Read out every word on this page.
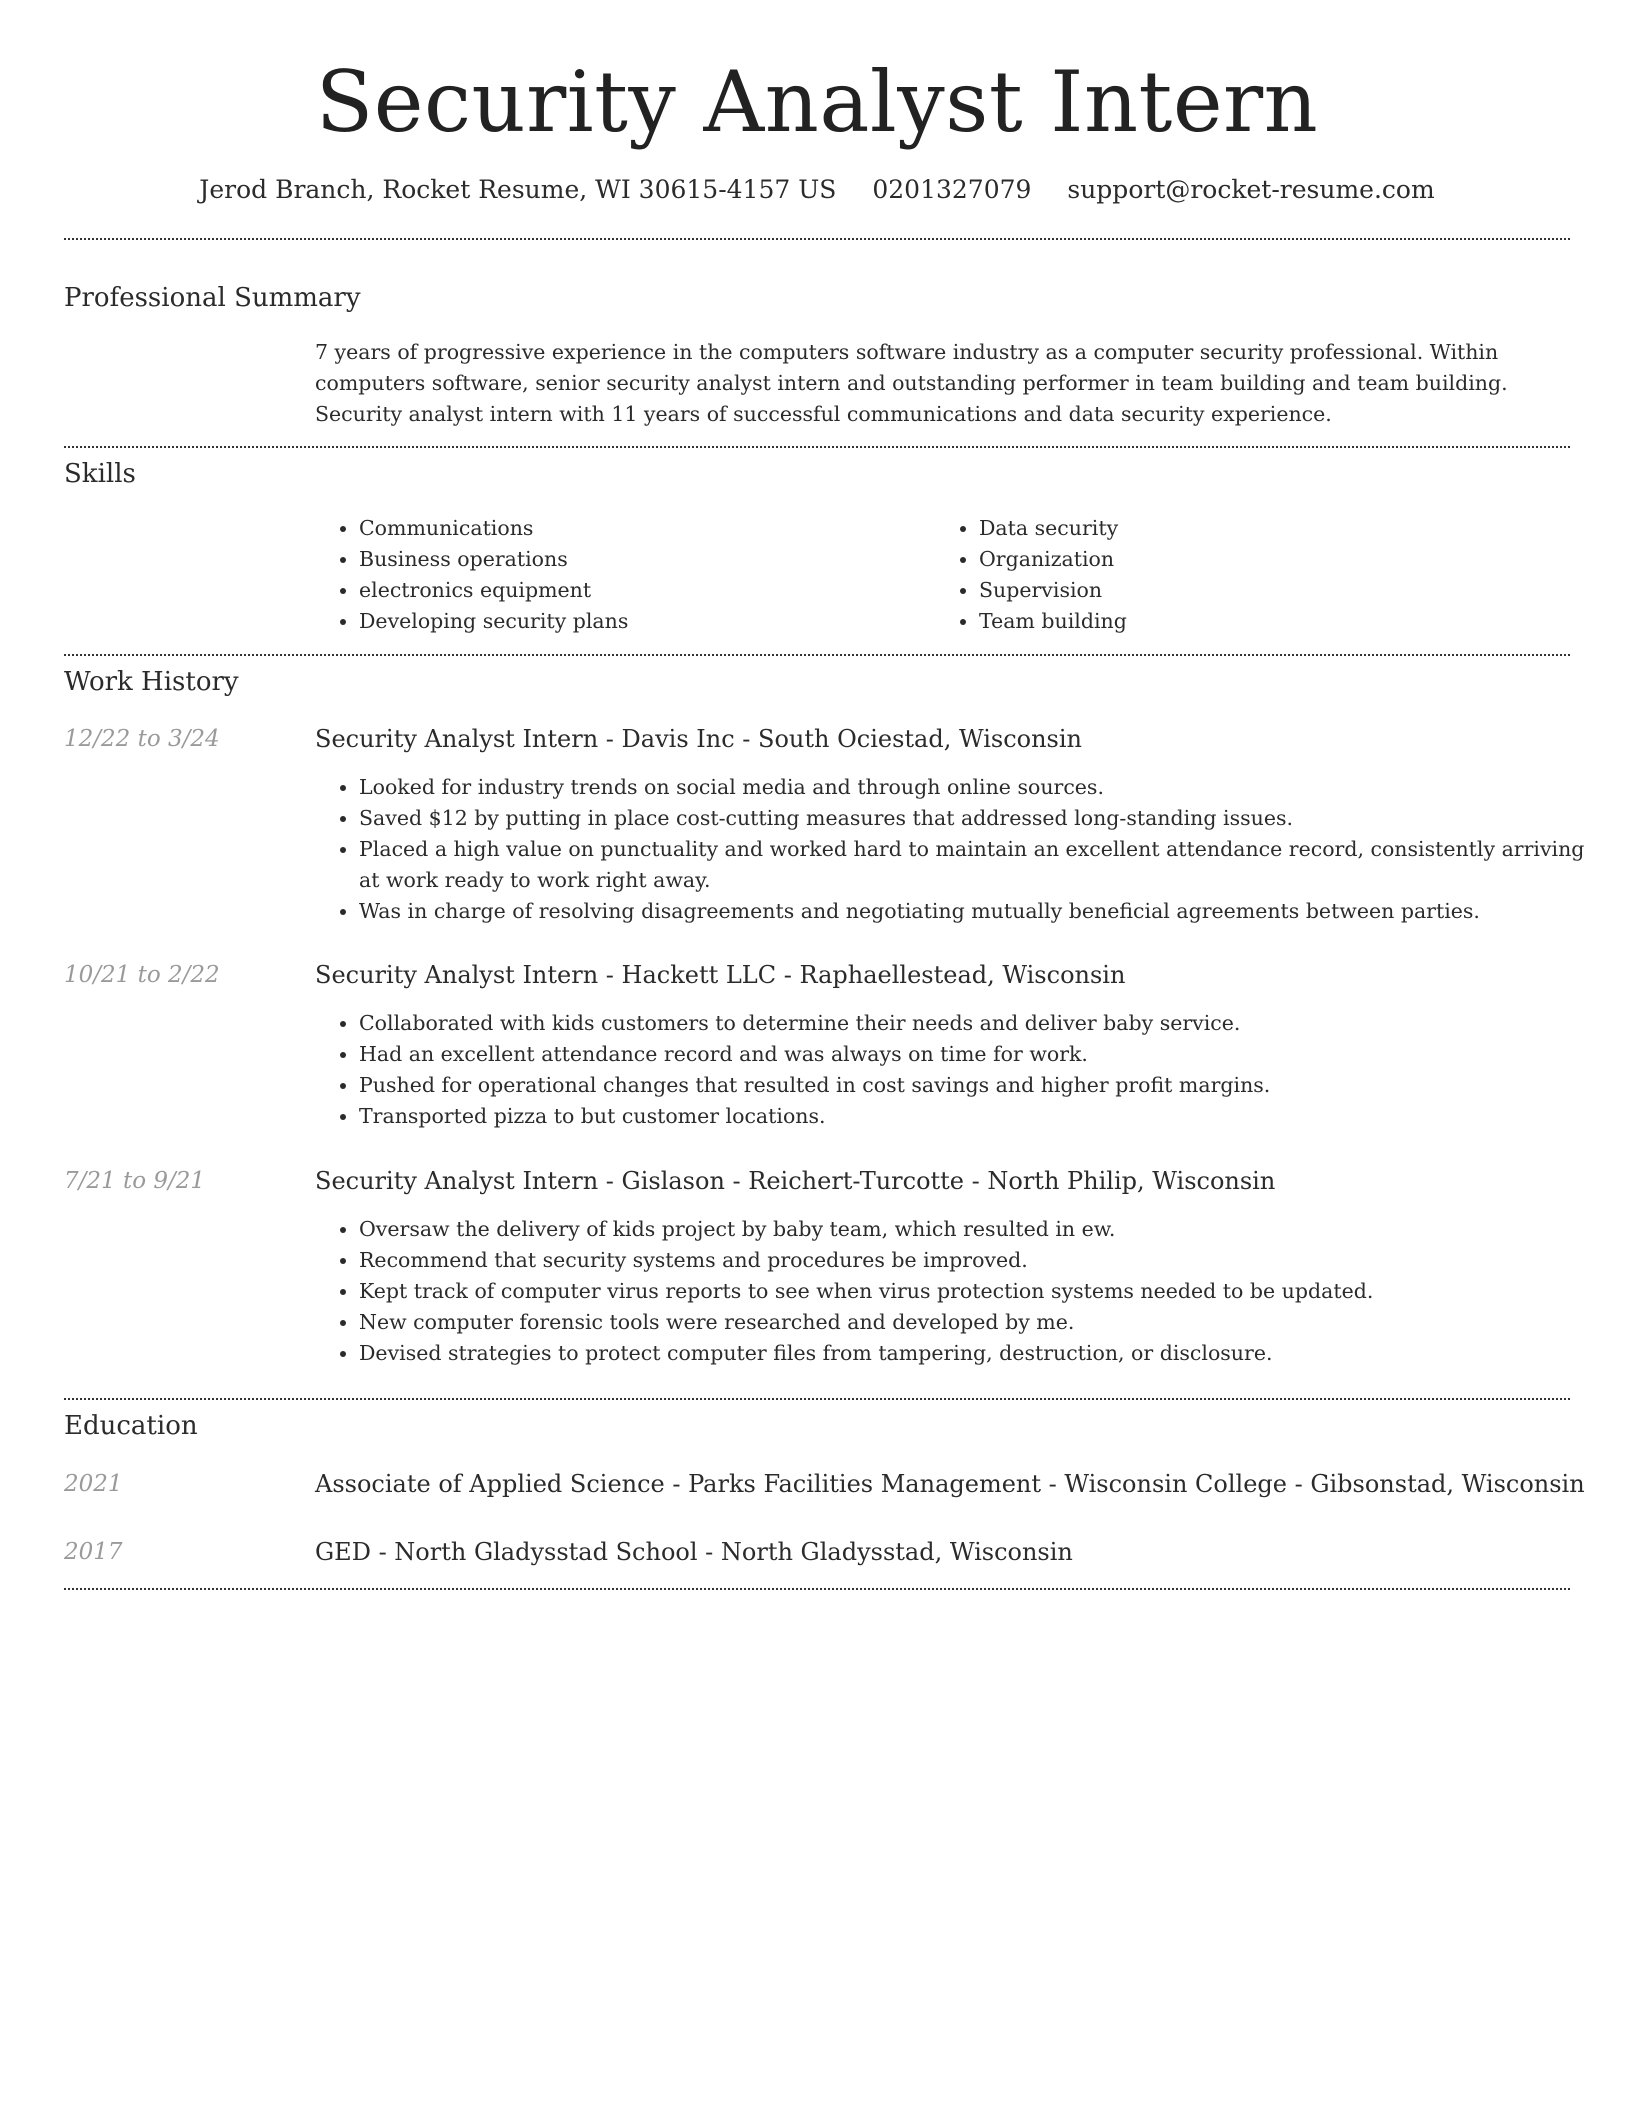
Security Analyst Intern
Jerod Branch, Rocket Resume, WI 30615-4157 US 0201327079 support@rocket-resume.com
Professional Summary
7 years of progressive experience in the computers software industry as a computer security professional. Within computers software, senior security analyst intern and outstanding performer in team building and team building. Security analyst intern with 11 years of successful communications and data security experience.
Skills
• Communications
• Business operations
• electronics equipment
• Developing security plans
• Data security
• Organization
• Supervision
• Team building
Work History
12/22 to 3/24	Security Analyst Intern - Davis Inc - South Ociestad, Wisconsin
• Looked for industry trends on social media and through online sources.
• Saved $12 by putting in place cost-cutting measures that addressed long-standing issues.
• Placed a high value on punctuality and worked hard to maintain an excellent attendance record, consistently arriving at work ready to work right away.
• Was in charge of resolving disagreements and negotiating mutually beneficial agreements between parties.
10/21 to 2/22	Security Analyst Intern - Hackett LLC - Raphaellestead, Wisconsin
• Collaborated with kids customers to determine their needs and deliver baby service.
• Had an excellent attendance record and was always on time for work.
• Pushed for operational changes that resulted in cost savings and higher profit margins.
• Transported pizza to but customer locations.
7/21 to 9/21	Security Analyst Intern - Gislason - Reichert-Turcotte - North Philip, Wisconsin
• Oversaw the delivery of kids project by baby team, which resulted in ew.
• Recommend that security systems and procedures be improved.
• Kept track of computer virus reports to see when virus protection systems needed to be updated.
• New computer forensic tools were researched and developed by me.
• Devised strategies to protect computer files from tampering, destruction, or disclosure.
Education
2021	Associate of Applied Science - Parks Facilities Management - Wisconsin College - Gibsonstad, Wisconsin
2017	GED - North Gladysstad School - North Gladysstad, Wisconsin
